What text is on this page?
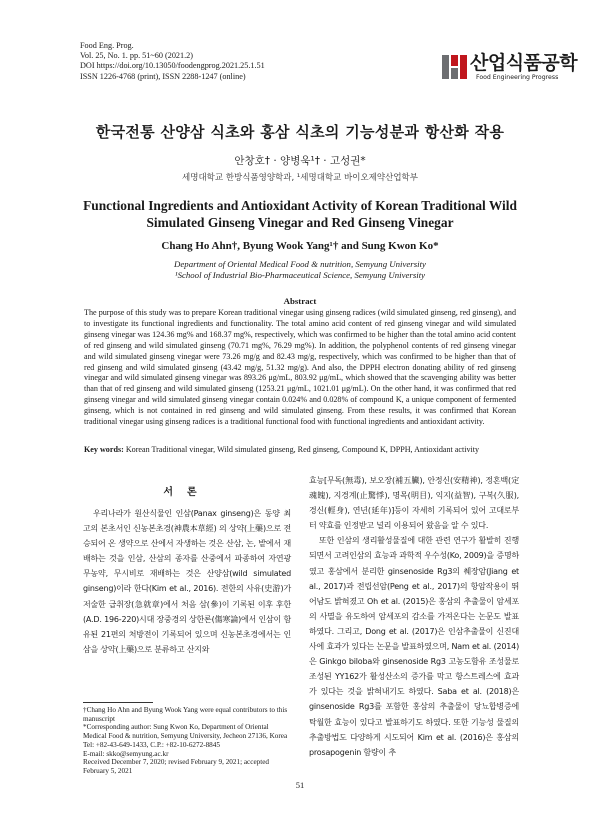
Food Eng. Prog.
Vol. 25, No. 1. pp. 51~60 (2021.2)
DOI https://doi.org/10.13050/foodengprog.2021.25.1.51
ISSN 1226-4768 (print), ISSN 2288-1247 (online)
산업식품공학
Food Engineering Progress
한국전통 산양삼 식초와 홍삼 식초의 기능성분과 항산화 작용
안창호† · 양병욱¹† · 고성권*
세명대학교 한방식품영양학과, ¹세명대학교 바이오제약산업학부
Functional Ingredients and Antioxidant Activity of Korean Traditional Wild
Simulated Ginseng Vinegar and Red Ginseng Vinegar
Chang Ho Ahn†, Byung Wook Yang¹† and Sung Kwon Ko*
Department of Oriental Medical Food & nutrition, Semyung University
¹School of Industrial Bio-Pharmaceutical Science, Semyung University
Abstract
The purpose of this study was to prepare Korean traditional vinegar using ginseng radices (wild simulated ginseng, red ginseng), and to investigate its functional ingredients and functionality. The total amino acid content of red ginseng vinegar and wild simulated ginseng vinegar was 124.36 mg% and 168.37 mg%, respectively, which was confirmed to be higher than the total amino acid content of red ginseng and wild simulated ginseng (70.71 mg%, 76.29 mg%). In addition, the polyphenol contents of red ginseng vinegar and wild simulated ginseng vinegar were 73.26 mg/g and 82.43 mg/g, respectively, which was confirmed to be higher than that of red ginseng and wild simulated ginseng (43.42 mg/g, 51.32 mg/g). And also, the DPPH electron donating ability of red ginseng vinegar and wild simulated ginseng vinegar was 893.26 μg/mL, 803.92 μg/mL, which showed that the scavenging ability was better than that of red ginseng and wild simulated ginseng (1253.21 μg/mL, 1021.01 μg/mL). On the other hand, it was confirmed that red ginseng vinegar and wild simulated ginseng vinegar contain 0.024% and 0.028% of compound K, a unique component of fermented ginseng, which is not contained in red ginseng and wild simulated ginseng. From these results, it was confirmed that Korean traditional vinegar using ginseng radices is a traditional functional food with functional ingredients and antioxidant activity.
Key words: Korean Traditional vinegar, Wild simulated ginseng, Red ginseng, Compound K, DPPH, Antioxidant activity
서론

우리나라가 원산식물인 인삼(Panax ginseng)은 동양 최고의 본초서인 신농본초경(神農本草經) 의 상약(上藥)으로 전승되어 온 생약으로 산에서 자생하는 것은 산삼, 논, 밭에서 재배하는 것을 인삼, 산삼의 종자를 산중에서 파종하여 자연광 무농약, 무시비로 재배하는 것은 산양삼(wild simulated ginseng)이라 한다(Kim et al., 2016). 전한의 사유(史游)가 저술한 급취장(急就章)에서 처음 삼(參)이 기록된 이후 후한(A.D. 196-220)시대 장중경의 상한론(傷寒論)에서 인삼이 함유된 21편의 처방전이 기록되어 있으며 신농본초경에서는 인삼을 상약(上藥)으로 분류하고 산지와

효능[무독(無毒), 보오장(補五臟), 안정신(安精神), 정혼백(定魂魄), 지경계(止驚悸), 명목(明目), 익지(益智), 구복(久服), 경신(輕身), 연년(延年)]등이 자세히 기록되어 있어 고대로부터 약효를 인정받고 널리 이용되어 왔음을 알 수 있다.

또한 인삼의 생리활성물질에 대한 관련 연구가 활발히 진행되면서 고려인삼의 효능과 과학적 우수성(Ko, 2009)을 증명하였고 홍삼에서 분리한 ginsenoside Rg3의 췌장암(Jiang et al., 2017)과 전립선암(Peng et al., 2017)의 항암작용이 뛰어남도 밝혀졌고 Oh et al. (2015)은 홍삼의 추출물이 암세포의 사멸을 유도하여 암세포의 감소를 가져온다는 논문도 발표하였다. 그리고, Dong et al. (2017)은 인삼추출물이 신진대사에 효과가 있다는 논문을 발표하였으며, Nam et al. (2014)은 Ginkgo biloba와 ginsenoside Rg3 고농도함유 조성물로 조성된 YY162가 활성산소의 증가를 막고 항스트레스에 효과가 있다는 것을 밝혀내기도 하였다. Saba et al. (2018)은 ginsenoside Rg3를 포함한 홍삼의 추출물이 당뇨합병증에 탁월한 효능이 있다고 발표하기도 하였다. 또한 기능성 물질의 추출방법도 다양하게 시도되어 Kim et al. (2016)은 홍삼의 prosapogenin 함량이 추

†Chang Ho Ahn and Byung Wook Yang were equal contributors to this manuscript
*Corresponding author: Sung Kwon Ko, Department of Oriental Medical Food & nutrition, Semyung University, Jecheon 27136, Korea
Tel: +82-43-649-1433, C.P.: +82-10-6272-8845
E-mail: skko@semyung.ac.kr
Received December 7, 2020; revised February 9, 2021; accepted February 5, 2021
51
